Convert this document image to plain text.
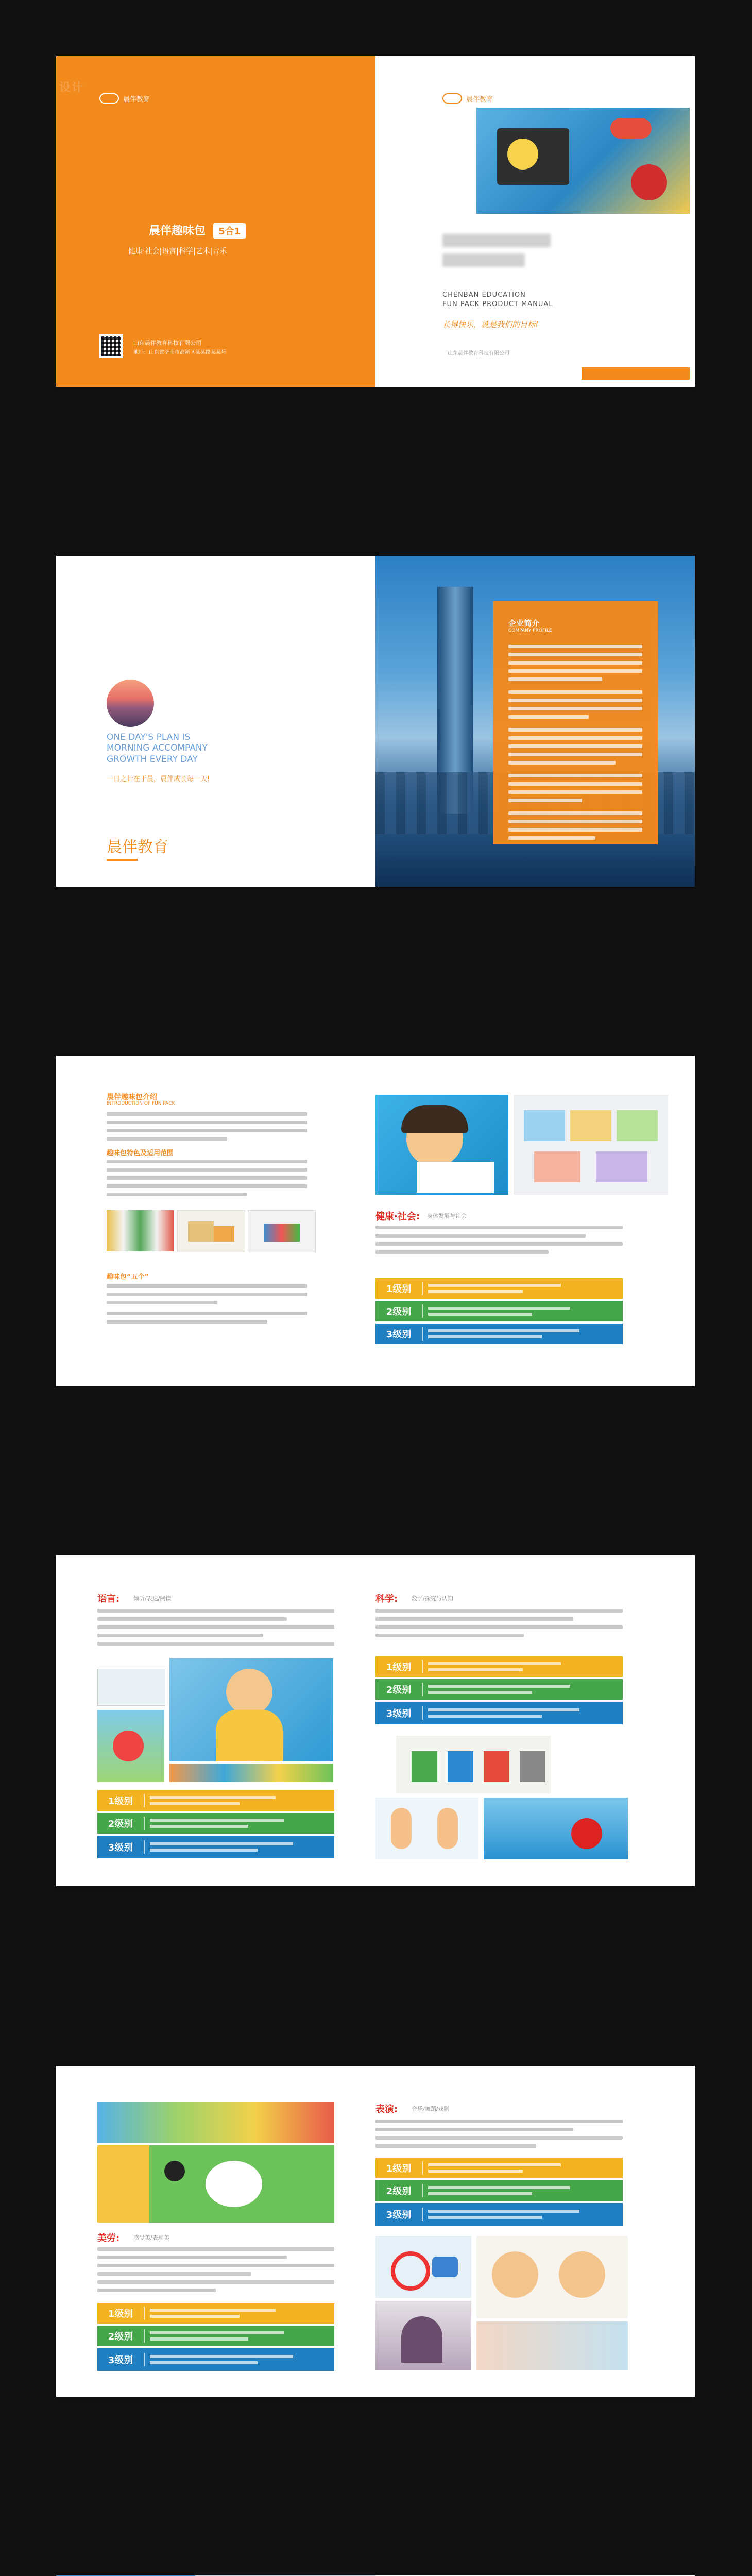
晨伴教育
晨伴趣味包 5合1
健康·社会|语言|科学|艺术|音乐
山东晨伴教育科技有限公司
地址：山东省济南市高新区某某路某某号
设计
晨伴教育
CHENBAN EDUCATION
FUN PACK PRODUCT MANUAL
长得快乐，就是我们的目标!
山东晨伴教育科技有限公司
ONE DAY'S PLAN IS MORNING ACCOMPANY GROWTH EVERY DAY
一日之计在于晨，晨伴成长每一天!
晨伴教育
企业简介
COMPANY PROFILE
晨伴趣味包介绍
INTRODUCTION OF FUN PACK
趣味包特色及适用范围
趣味包“五个”
健康·社会: 身体发展与社会
1级别
2级别
3级别
语言: 倾听/表达/阅读
1级别
2级别
3级别
科学: 数学/探究与认知
1级别
2级别
3级别
美劳: 感受美/表现美
1级别
2级别
3级别
表演: 音乐/舞蹈/戏剧
1级别
2级别
3级别
